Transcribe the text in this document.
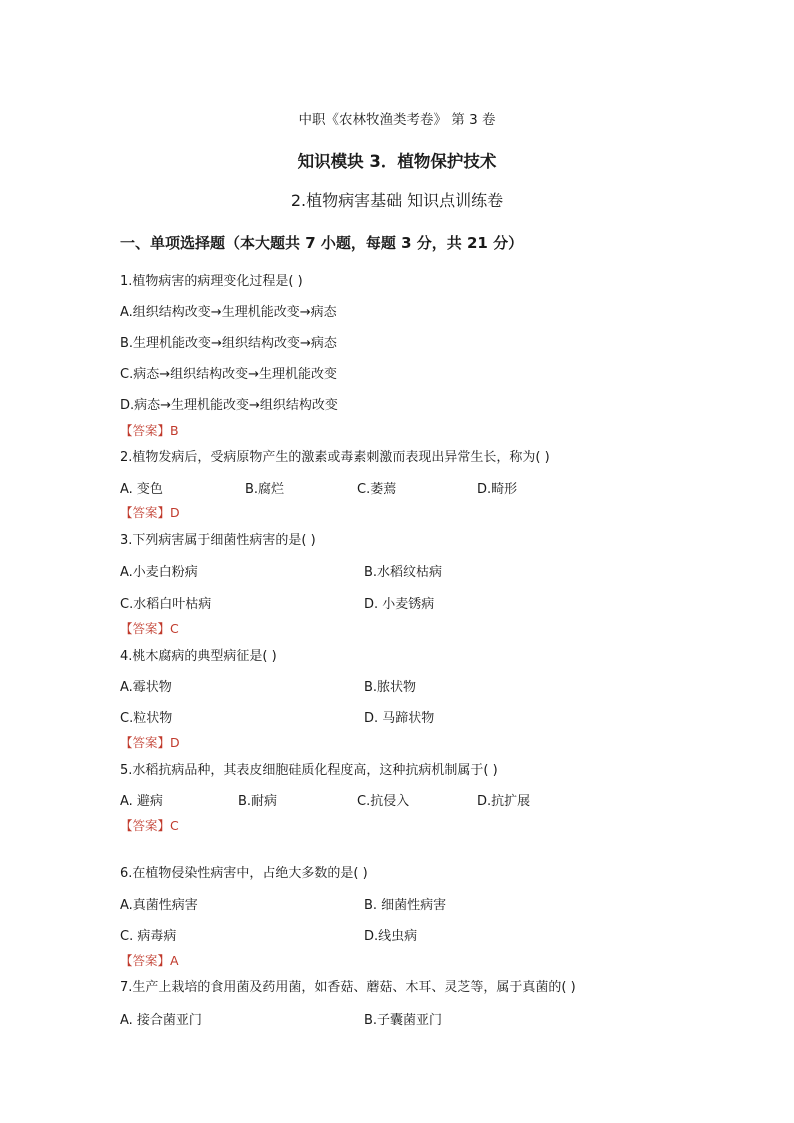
中职《农林牧渔类考卷》 第 3 卷
知识模块 3．植物保护技术
2.植物病害基础 知识点训练卷
一、单项选择题（本大题共 7 小题，每题 3 分，共 21 分）
1.植物病害的病理变化过程是( )
A.组织结构改变→生理机能改变→病态
B.生理机能改变→组织结构改变→病态
C.病态→组织结构改变→生理机能改变
D.病态→生理机能改变→组织结构改变
【答案】B
2.植物发病后，受病原物产生的激素或毒素刺激而表现出异常生长，称为( )
A. 变色	B.腐烂	C.萎蔫	D.畸形
【答案】D
3.下列病害属于细菌性病害的是( )
A.小麦白粉病	B.水稻纹枯病
C.水稻白叶枯病	D. 小麦锈病
【答案】C
4.桃木腐病的典型病征是( )
A.霉状物	B.脓状物
C.粒状物	D. 马蹄状物
【答案】D
5.水稻抗病品种，其表皮细胞硅质化程度高，这种抗病机制属于( )
A. 避病	B.耐病	C.抗侵入	D.抗扩展
【答案】C
6.在植物侵染性病害中，占绝大多数的是( )
A.真菌性病害	B. 细菌性病害
C. 病毒病	D.线虫病
【答案】A
7.生产上栽培的食用菌及药用菌，如香菇、蘑菇、木耳、灵芝等，属于真菌的( )
A. 接合菌亚门	B.子囊菌亚门
